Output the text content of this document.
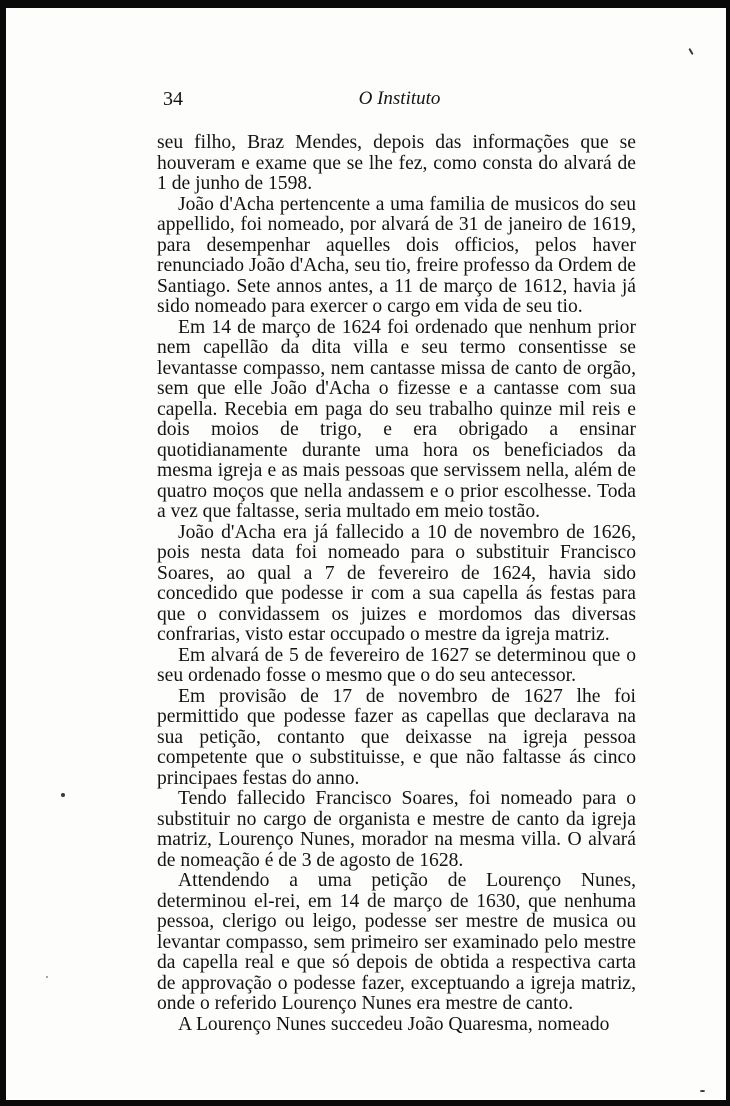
34	O Instituto

seu filho, Braz Mendes, depois das informações que se houveram e exame que se lhe fez, como consta do alvará de 1 de junho de 1598.

João d'Acha pertencente a uma familia de musicos do seu appellido, foi nomeado, por alvará de 31 de janeiro de 1619, para desempenhar aquelles dois officios, pelos haver renunciado João d'Acha, seu tio, freire professo da Ordem de Santiago. Sete annos antes, a 11 de março de 1612, havia já sido nomeado para exercer o cargo em vida de seu tio.

Em 14 de março de 1624 foi ordenado que nenhum prior nem capellão da dita villa e seu termo consentisse se levantasse compasso, nem cantasse missa de canto de orgão, sem que elle João d'Acha o fizesse e a cantasse com sua capella. Recebia em paga do seu trabalho quinze mil reis e dois moios de trigo, e era obrigado a ensinar quotidianamente durante uma hora os beneficiados da mesma igreja e as mais pessoas que servissem nella, além de quatro moços que nella andassem e o prior escolhesse. Toda a vez que faltasse, seria multado em meio tostão.

João d'Acha era já fallecido a 10 de novembro de 1626, pois nesta data foi nomeado para o substituir Francisco Soares, ao qual a 7 de fevereiro de 1624, havia sido concedido que podesse ir com a sua capella ás festas para que o convidassem os juizes e mordomos das diversas confrarias, visto estar occupado o mestre da igreja matriz.

Em alvará de 5 de fevereiro de 1627 se determinou que o seu ordenado fosse o mesmo que o do seu antecessor.

Em provisão de 17 de novembro de 1627 lhe foi permittido que podesse fazer as capellas que declarava na sua petição, contanto que deixasse na igreja pessoa competente que o substituisse, e que não faltasse ás cinco principaes festas do anno.

Tendo fallecido Francisco Soares, foi nomeado para o substituir no cargo de organista e mestre de canto da igreja matriz, Lourenço Nunes, morador na mesma villa. O alvará de nomeação é de 3 de agosto de 1628.

Attendendo a uma petição de Lourenço Nunes, determinou el-rei, em 14 de março de 1630, que nenhuma pessoa, clerigo ou leigo, podesse ser mestre de musica ou levantar compasso, sem primeiro ser examinado pelo mestre da capella real e que só depois de obtida a respectiva carta de approvação o podesse fazer, exceptuando a igreja matriz, onde o referido Lourenço Nunes era mestre de canto.

A Lourenço Nunes succedeu João Quaresma, nomeado
